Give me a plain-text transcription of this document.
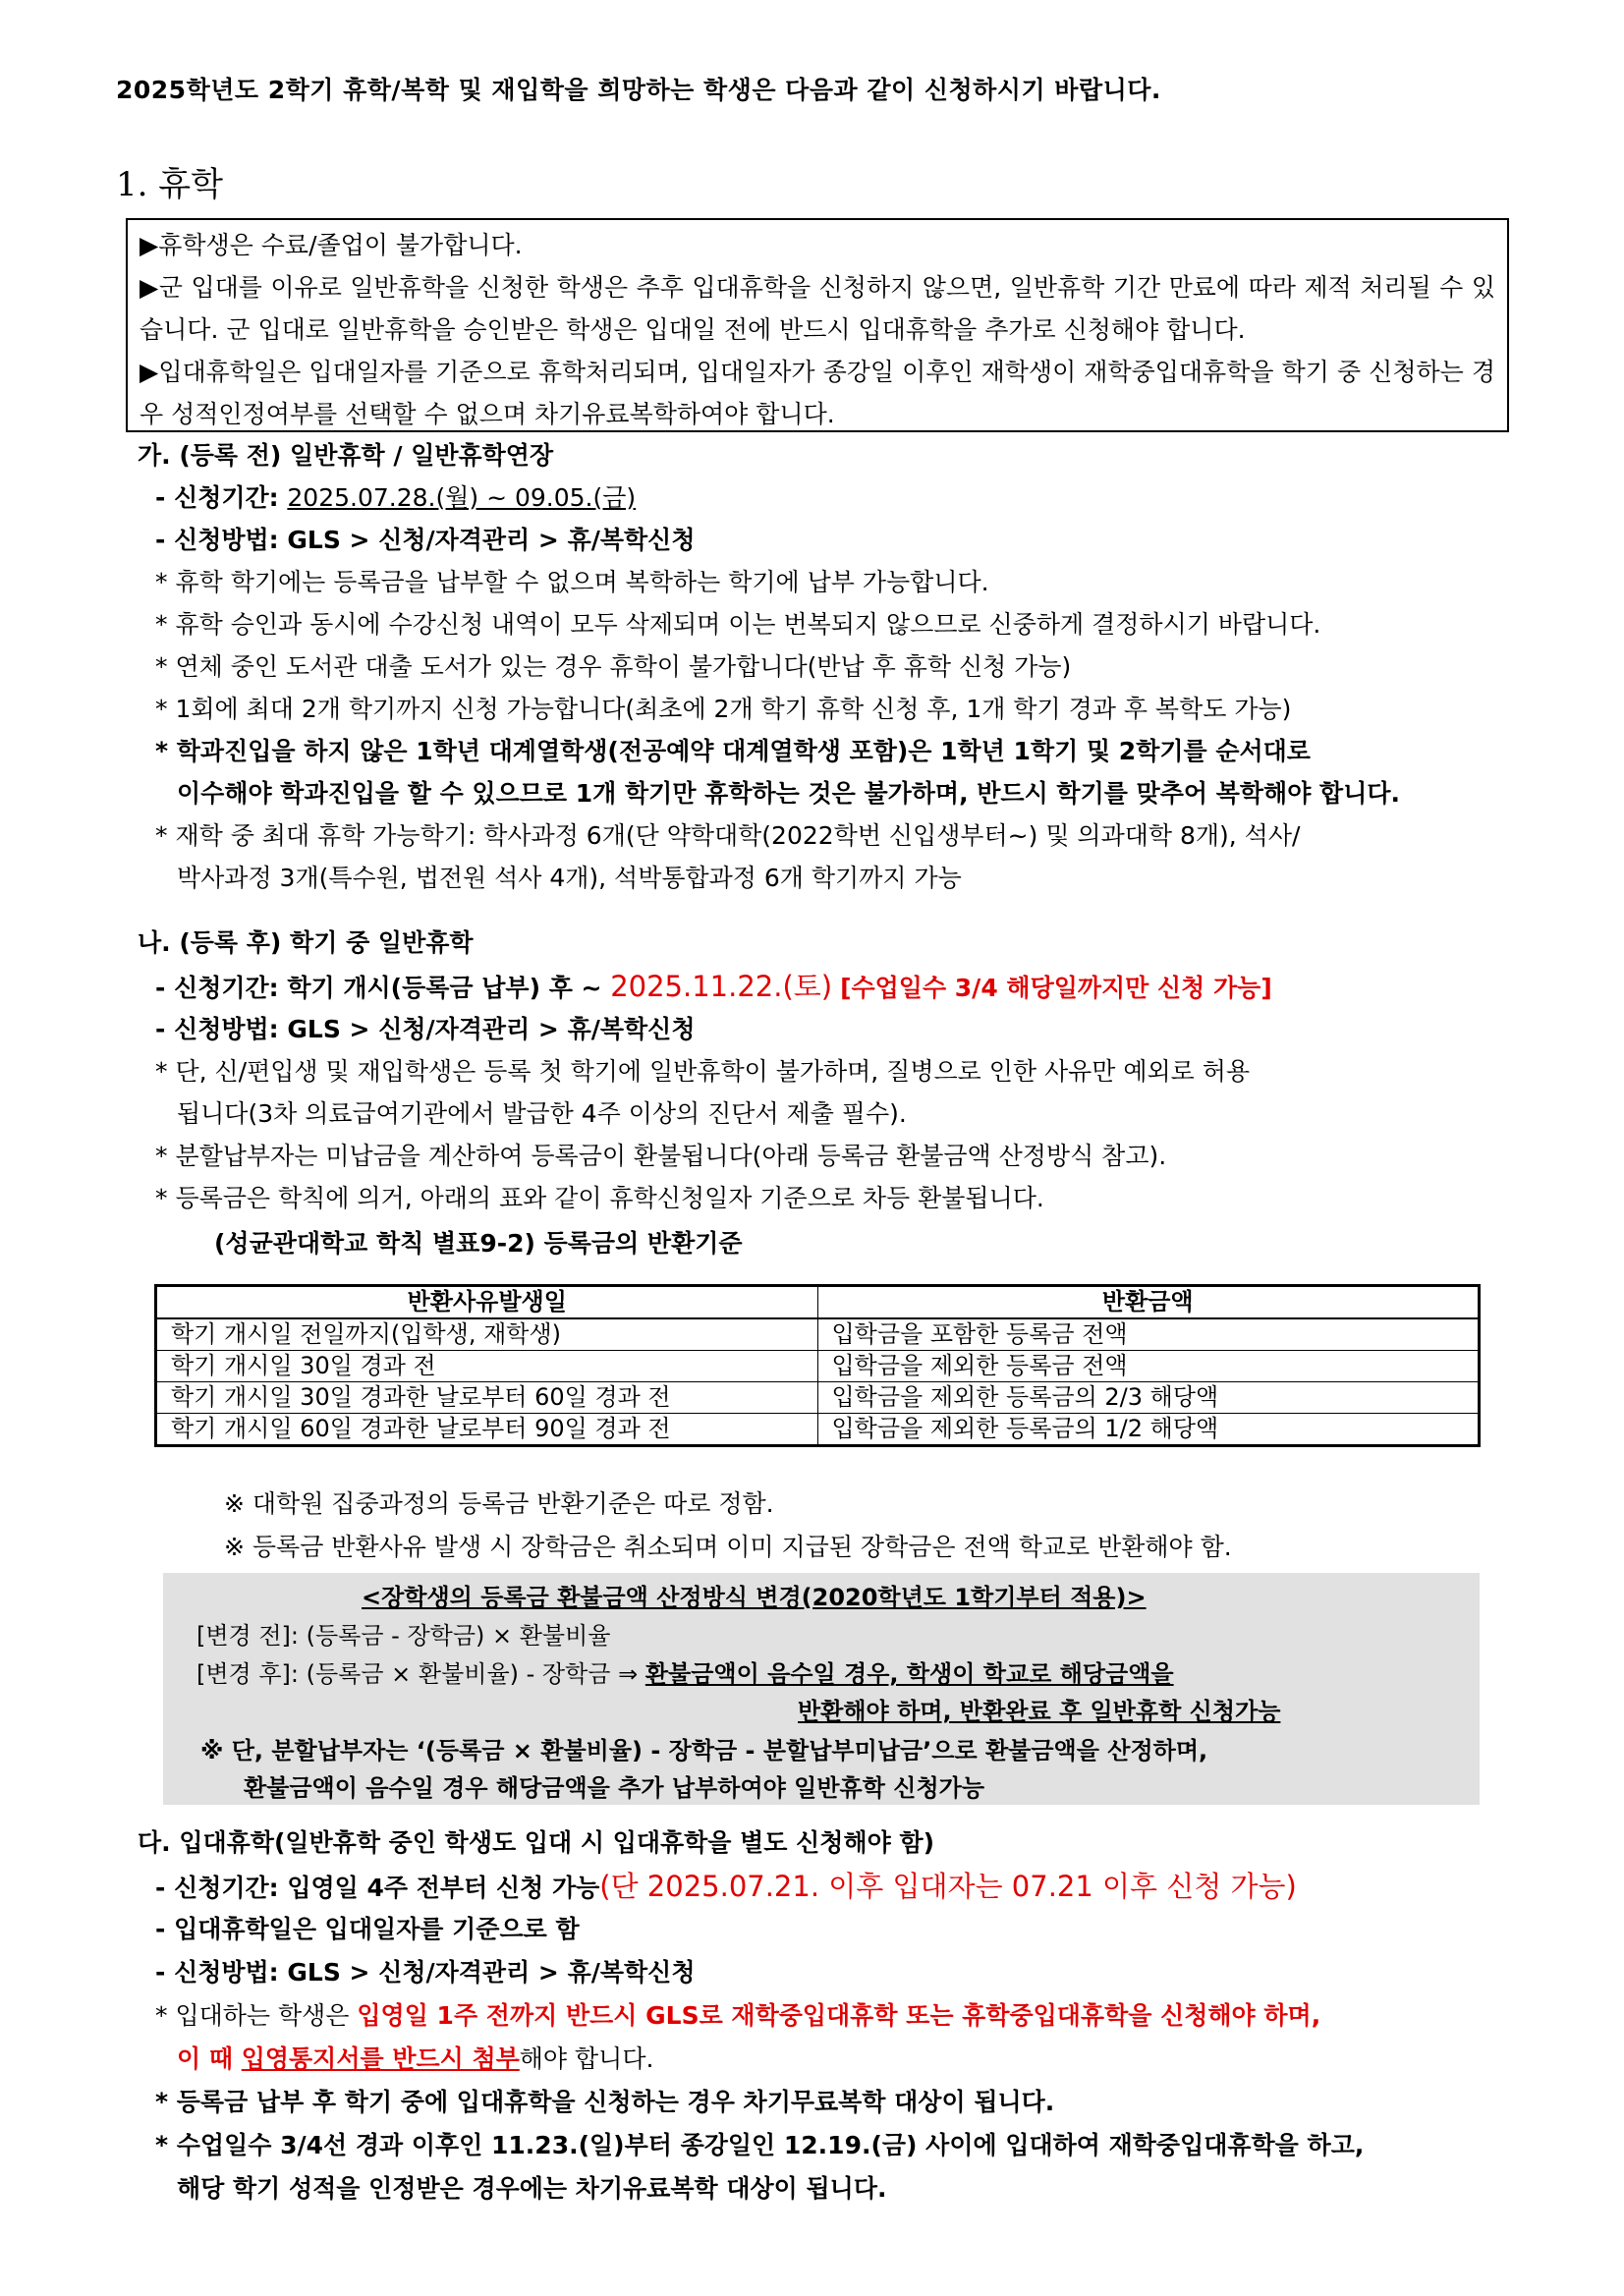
2025학년도 2학기 휴학/복학 및 재입학을 희망하는 학생은 다음과 같이 신청하시기 바랍니다.
1. 휴학

▶휴학생은 수료/졸업이 불가합니다.

▶군 입대를 이유로 일반휴학을 신청한 학생은 추후 입대휴학을 신청하지 않으면, 일반휴학 기간 만료에 따라 제적 처리될 수 있습니다. 군 입대로 일반휴학을 승인받은 학생은 입대일 전에 반드시 입대휴학을 추가로 신청해야 합니다.

▶입대휴학일은 입대일자를 기준으로 휴학처리되며, 입대일자가 종강일 이후인 재학생이 재학중입대휴학을 학기 중 신청하는 경우 성적인정여부를 선택할 수 없으며 차기유료복학하여야 합니다.

가. (등록 전) 일반휴학 / 일반휴학연장
- 신청기간: 2025.07.28.(월) ~ 09.05.(금)
- 신청방법: GLS > 신청/자격관리 > 휴/복학신청
* 휴학 학기에는 등록금을 납부할 수 없으며 복학하는 학기에 납부 가능합니다.
* 휴학 승인과 동시에 수강신청 내역이 모두 삭제되며 이는 번복되지 않으므로 신중하게 결정하시기 바랍니다.
* 연체 중인 도서관 대출 도서가 있는 경우 휴학이 불가합니다(반납 후 휴학 신청 가능)
* 1회에 최대 2개 학기까지 신청 가능합니다(최초에 2개 학기 휴학 신청 후, 1개 학기 경과 후 복학도 가능)
* 학과진입을 하지 않은 1학년 대계열학생(전공예약 대계열학생 포함)은 1학년 1학기 및 2학기를 순서대로
이수해야 학과진입을 할 수 있으므로 1개 학기만 휴학하는 것은 불가하며, 반드시 학기를 맞추어 복학해야 합니다.
* 재학 중 최대 휴학 가능학기: 학사과정 6개(단 약학대학(2022학번 신입생부터~) 및 의과대학 8개), 석사/
박사과정 3개(특수원, 법전원 석사 4개), 석박통합과정 6개 학기까지 가능
나. (등록 후) 학기 중 일반휴학
- 신청기간: 학기 개시(등록금 납부) 후 ~ 2025.11.22.(토) [수업일수 3/4 해당일까지만 신청 가능]
- 신청방법: GLS > 신청/자격관리 > 휴/복학신청
* 단, 신/편입생 및 재입학생은 등록 첫 학기에 일반휴학이 불가하며, 질병으로 인한 사유만 예외로 허용
됩니다(3차 의료급여기관에서 발급한 4주 이상의 진단서 제출 필수).
* 분할납부자는 미납금을 계산하여 등록금이 환불됩니다(아래 등록금 환불금액 산정방식 참고).
* 등록금은 학칙에 의거, 아래의 표와 같이 휴학신청일자 기준으로 차등 환불됩니다.
(성균관대학교 학칙 별표9-2) 등록금의 반환기준
반환사유발생일	반환금액
학기 개시일 전일까지(입학생, 재학생)	입학금을 포함한 등록금 전액
학기 개시일 30일 경과 전	입학금을 제외한 등록금 전액
학기 개시일 30일 경과한 날로부터 60일 경과 전	입학금을 제외한 등록금의 2/3 해당액
학기 개시일 60일 경과한 날로부터 90일 경과 전	입학금을 제외한 등록금의 1/2 해당액
※ 대학원 집중과정의 등록금 반환기준은 따로 정함.
※ 등록금 반환사유 발생 시 장학금은 취소되며 이미 지급된 장학금은 전액 학교로 반환해야 함.
<장학생의 등록금 환불금액 산정방식 변경(2020학년도 1학기부터 적용)>
[변경 전]: (등록금 - 장학금) × 환불비율
[변경 후]: (등록금 × 환불비율) - 장학금 ⇒ 환불금액이 음수일 경우, 학생이 학교로 해당금액을
반환해야 하며, 반환완료 후 일반휴학 신청가능
※ 단, 분할납부자는 ‘(등록금 × 환불비율) - 장학금 - 분할납부미납금’으로 환불금액을 산정하며,
환불금액이 음수일 경우 해당금액을 추가 납부하여야 일반휴학 신청가능
다. 입대휴학(일반휴학 중인 학생도 입대 시 입대휴학을 별도 신청해야 함)
- 신청기간: 입영일 4주 전부터 신청 가능(단 2025.07.21. 이후 입대자는 07.21 이후 신청 가능)
- 입대휴학일은 입대일자를 기준으로 함
- 신청방법: GLS > 신청/자격관리 > 휴/복학신청
* 입대하는 학생은 입영일 1주 전까지 반드시 GLS로 재학중입대휴학 또는 휴학중입대휴학을 신청해야 하며,
이 때 입영통지서를 반드시 첨부해야 합니다.
* 등록금 납부 후 학기 중에 입대휴학을 신청하는 경우 차기무료복학 대상이 됩니다.
* 수업일수 3/4선 경과 이후인 11.23.(일)부터 종강일인 12.19.(금) 사이에 입대하여 재학중입대휴학을 하고,
해당 학기 성적을 인정받은 경우에는 차기유료복학 대상이 됩니다.
